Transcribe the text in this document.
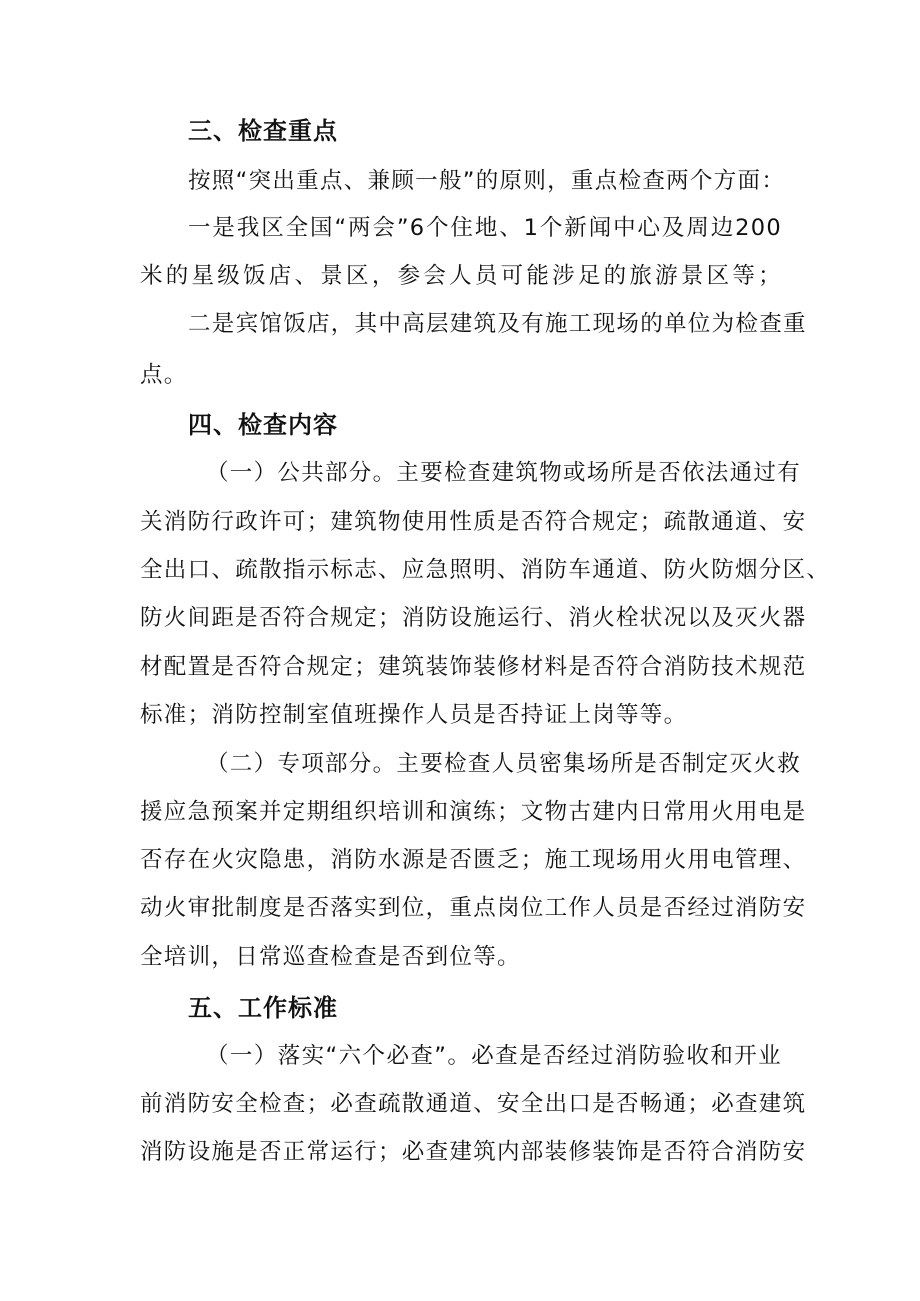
三、检查重点
按照“突出重点、兼顾一般”的原则，重点检查两个方面：
一是我区全国“两会”6个住地、1个新闻中心及周边200
米的星级饭店、景区，参会人员可能涉足的旅游景区等；
二是宾馆饭店，其中高层建筑及有施工现场的单位为检查重
点。
四、检查内容
（一）公共部分。主要检查建筑物或场所是否依法通过有
关消防行政许可；建筑物使用性质是否符合规定；疏散通道、安
全出口、疏散指示标志、应急照明、消防车通道、防火防烟分区、
防火间距是否符合规定；消防设施运行、消火栓状况以及灭火器
材配置是否符合规定；建筑装饰装修材料是否符合消防技术规范
标准；消防控制室值班操作人员是否持证上岗等等。
（二）专项部分。主要检查人员密集场所是否制定灭火救
援应急预案并定期组织培训和演练；文物古建内日常用火用电是
否存在火灾隐患，消防水源是否匮乏；施工现场用火用电管理、
动火审批制度是否落实到位，重点岗位工作人员是否经过消防安
全培训，日常巡查检查是否到位等。
五、工作标准
（一）落实“六个必查”。必查是否经过消防验收和开业
前消防安全检查；必查疏散通道、安全出口是否畅通；必查建筑
消防设施是否正常运行；必查建筑内部装修装饰是否符合消防安
